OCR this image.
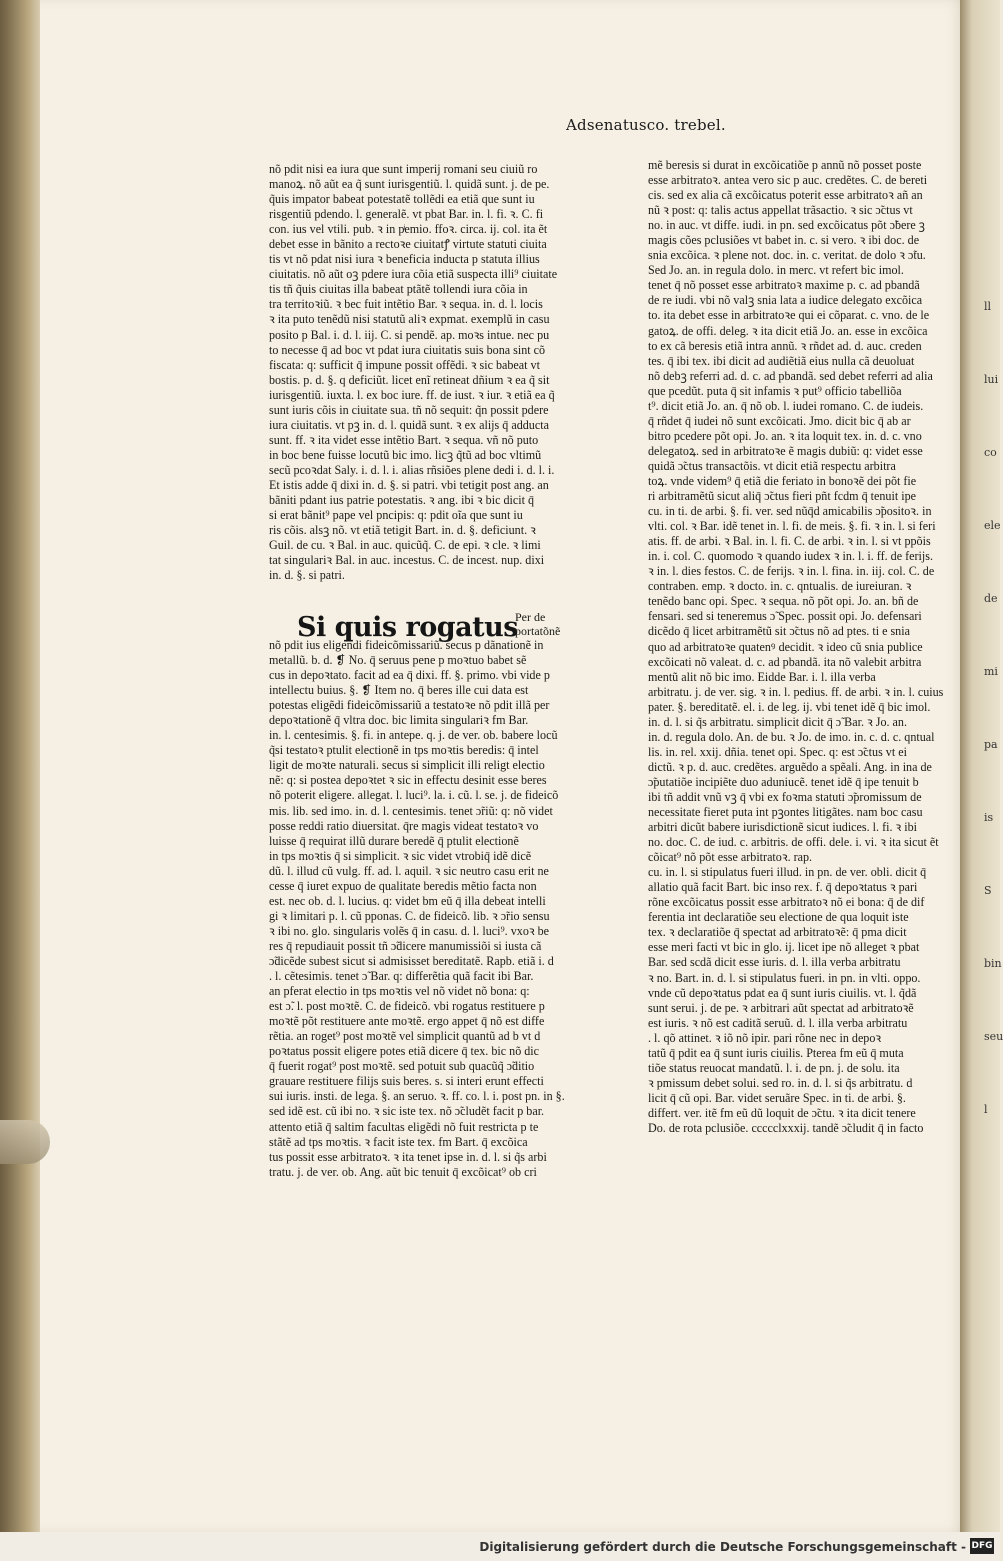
ll
lui
co
ele
de
mi
pa
is
S
bin
seu
l
Adsenatusco. trebel.
nõ pdit nisi ea iura que sunt imperij romani seu ciuiũ ro
manoꝝ. nõ aũt ea q̃ sunt iurisgentiũ. l. quidã sunt. j. de pe.
q̃uis impator babeat potestatẽ tollẽdi ea etiã que sunt iu
risgentiũ pdendo. l. generalẽ. vt pbat Bar. in. l. fi. ꝛ. C. fi
con. ius vel vtili. pub. ꝛ in pͥemio. ffoꝛ. circa. ij. col. ita ẽt
debet esse in bãnito a rectoꝛe ciuitatꝭ virtute statuti ciuita
tis vt nõ pdat nisi iura ꝛ beneficia inducta p statuta illius
ciuitatis. nõ aũt oꝫ pdere iura cõia etiã suspecta illi⁹ ciuitate
tis tñ q̃uis ciuitas illa babeat ptãtẽ tollendi iura cõia in
tra territoꝛiũ. ꝛ bec fuit intẽtio Bar. ꝛ sequa. in. d. l. locis
ꝛ ita puto tenẽdũ nisi statutũ aliꝛ expmat. exemplũ in casu
posito p Bal. i. d. l. iij. C. si pendẽ. ap. moꝛs intue. nec pu
to necesse q̄ ad boc vt pdat iura ciuitatis suis bona sint cõ
fiscata: q: sufficit q̄ impune possit offẽdi. ꝛ sic babeat vt
bostis. p. d. §. q deficiũt. licet enĩ retineat dñium ꝛ ea q̃ sit
iurisgentiũ. iuxta. l. ex boc iure. ff. de iust. ꝛ iur. ꝛ etiã ea q̃
sunt iuris cõis in ciuitate sua. tñ nõ sequit: q̃n possit pdere
iura ciuitatis. vt pꝫ in. d. l. quidã sunt. ꝛ ex alijs q̄ adducta
sunt. ff. ꝛ ita videt esse intẽtio Bart. ꝛ sequa. vñ nõ puto
in boc bene fuisse locutũ bic imo. licꝫ q̃tũ ad boc vltimũ
secũ pcoꝛdat Saly. i. d. l. i. alias rñsiões plene dedi i. d. l. i.
Et istis adde q̄ dixi in. d. §. si patri. vbi tetigit post ang. an
bãniti pdant ius patrie potestatis. ꝛ ang. ibi ꝛ bic dicit q̄
si erat bãnit⁹ pape vel pncipis: q: pdit oĩa que sunt iu
ris cõis. alsꝫ nõ. vt etiã tetigit Bart. in. d. §. deficiunt. ꝛ
Guil. de cu. ꝛ Bal. in auc. quicũq̃. C. de epi. ꝛ cle. ꝛ limi
tat singulariꝛ Bal. in auc. incestus. C. de incest. nup. dixi
in. d. §. si patri.
Si quis rogatus
Per de
portatõnẽ
nõ pdit ius eligendi fideicõmissariũ. secus p dãnationẽ in
metallũ. b. d. ❡ No. q̄ seruus pene p moꝛtuo babet sẽ
cus in depoꝛtato. facit ad ea q̄ dixi. ff. §. primo. vbi vide p
intellectu buius. §. ❡ Item no. q̄ beres ille cui data est
potestas eligẽdi fideicõmissariũ a testatoꝛe nõ pdit illã per
depoꝛtationẽ q̄ vltra doc. bic limita singulariꝛ fm Bar.
in. l. centesimis. §. fi. in antepe. q. j. de ver. ob. babere locũ
q̃si testatoꝛ ptulit electionẽ in tps moꝛtis beredis: q̄ intel
ligit de moꝛte naturali. secus si simplicit illi religt electio
nẽ: q: si postea depoꝛtet ꝛ sic in effectu desinit esse beres
nõ poterit eligere. allegat. l. luci⁹. la. i. cũ. l. se. j. de fideicõ
mis. lib. sed imo. in. d. l. centesimis. tenet ɔ̃riũ: q: nõ videt
posse reddi ratio diuersitat. q̄re magis videat testatoꝛ vo
luisse q̄ requirat illũ durare beredẽ q̄ ptulit electionẽ
in tps moꝛtis q̄ si simplicit. ꝛ sic videt vtrobiq̄ idẽ dicẽ
dũ. l. illud cũ vulg. ff. ad. l. aquil. ꝛ sic neutro casu erit ne
cesse q̄ iuret expuo de qualitate beredis mẽtio facta non
est. nec ob. d. l. lucius. q: videt bm eũ q̄ illa debeat intelli
gi ꝛ limitari p. l. cũ pponas. C. de fideicõ. lib. ꝛ ɔ̃rio sensu
ꝛ ibi no. glo. singularis volẽs q̄ in casu. d. l. luci⁹. vxoꝛ be
res q̄ repudiauit possit tñ ɔ̃dicere manumissiõi si iusta cã
ɔ̃dicẽde subest sicut si admisisset bereditatẽ. Rapb. etiã i. d
. l. cẽtesimis. tenet ɔ̃ Bar. q: differẽtia quã facit ibi Bar.
an pferat electio in tps moꝛtis vel nõ videt nõ bona: q:
est ɔ̃. l. post moꝛtẽ. C. de fideicõ. vbi rogatus restituere p
moꝛtẽ põt restituere ante moꝛtẽ. ergo appet q̄ nõ est diffe
rẽtia. an roget⁹ post moꝛtẽ vel simplicit quantũ ad b vt d
poꝛtatus possit eligere potes etiã dicere q̄ tex. bic nõ dic
q̄ fuerit rogat⁹ post moꝛtẽ. sed potuit sub quacũq̃ ɔ̃ditio
grauare restituere filijs suis beres. s. si interi erunt effecti
sui iuris. insti. de lega. §. an seruo. ꝛ. ff. co. l. i. post pn. in §.
sed idẽ est. cũ ibi no. ꝛ sic iste tex. nõ ɔ̃cludẽt facit p bar.
attento etiã q̄ saltim facultas eligẽdi nõ fuit restricta p te
stãtẽ ad tps moꝛtis. ꝛ facit iste tex. fm Bart. q̄ excõica
tus possit esse arbitratoꝛ. ꝛ ita tenet ipse in. d. l. si q̃s arbi
tratu. j. de ver. ob. Ang. aũt bic tenuit q̄ excõicat⁹ ob cri
mẽ beresis si durat in excõicatiõe p annũ nõ posset poste
esse arbitratoꝛ. antea vero sic p auc. credẽtes. C. de bereti
cis. sed ex alia cã excõicatus poterit esse arbitratoꝛ añ an
nũ ꝛ post: q: talis actus appellat trãsactio. ꝛ sic ɔ̃ctus vt
no. in auc. vt diffe. iudi. in pn. sed excõicatus põt ɔ̃bere ꝫ
magis cões pclusiões vt babet in. c. si vero. ꝛ ibi doc. de
snia excõica. ꝛ plene not. doc. in. c. veritat. de dolo ꝛ ɔ̃tu.
Sed Jo. an. in regula dolo. in merc. vt refert bic imol.
tenet q̄ nõ posset esse arbitratoꝛ maxime p. c. ad pbandã
de re iudi. vbi nõ valꝫ snia lata a iudice delegato excõica
to. ita debet esse in arbitratoꝛe qui ei cõparat. c. vno. de le
gatoꝝ. de offi. deleg. ꝛ ita dicit etiã Jo. an. esse in excõica
to ex cã beresis etiã intra annũ. ꝛ rñdet ad. d. auc. creden
tes. q̄ ibi tex. ibi dicit ad audiẽtiã eius nulla cã deuoluat
nõ debꝫ referri ad. d. c. ad pbandã. sed debet referri ad alia
que pcedũt. puta q̄ sit infamis ꝛ put⁹ officio tabelliõa
t⁹. dicit etiã Jo. an. q̄ nõ ob. l. iudei romano. C. de iudeis.
q̄ rñdet q̄ iudei nõ sunt excõicati. Jmo. dicit bic q̄ ab ar
bitro pcedere põt opi. Jo. an. ꝛ ita loquit tex. in. d. c. vno
delegatoꝝ. sed in arbitratoꝛe ẽ magis dubiũ: q: videt esse
quidã ɔ̃ctus transactõis. vt dicit etiã respectu arbitra
toꝝ. vnde videm⁹ q̄ etiã die feriato in bonoꝛẽ dei põt fie
ri arbitramẽtũ sicut aliq̄ ɔ̃ctus fieri pñt fcdm q̄ tenuit ipe
cu. in ti. de arbi. §. fi. ver. sed nũq̄d amicabilis ɔ̃positoꝛ. in
vlti. col. ꝛ Bar. idẽ tenet in. l. fi. de meis. §. fi. ꝛ in. l. si feri
atis. ff. de arbi. ꝛ Bal. in. l. fi. C. de arbi. ꝛ in. l. si vt ppõis
in. i. col. C. quomodo ꝛ quando iudex ꝛ in. l. i. ff. de ferijs.
ꝛ in. l. dies festos. C. de ferijs. ꝛ in. l. fina. in. iij. col. C. de
contraben. emp. ꝛ docto. in. c. qntualis. de iureiuran. ꝛ
tenẽdo banc opi. Spec. ꝛ sequa. nõ põt opi. Jo. an. bñ de
fensari. sed si teneremus ɔ̃ Spec. possit opi. Jo. defensari
dicẽdo q̄ licet arbitramẽtũ sit ɔ̃ctus nõ ad ptes. ti e snia
quo ad arbitratoꝛe quatenꝰ decidit. ꝛ ideo cũ snia publice
excõicati nõ valeat. d. c. ad pbandã. ita nõ valebit arbitra
mentũ alit nõ bic imo. Eidde Bar. i. l. illa verba
arbitratu. j. de ver. sig. ꝛ in. l. pedius. ff. de arbi. ꝛ in. l. cuius
pater. §. bereditatẽ. el. i. de leg. ij. vbi tenet idẽ q̄ bic imol.
in. d. l. si q̃s arbitratu. simplicit dicit q̄ ɔ̃ Bar. ꝛ Jo. an.
in. d. regula dolo. An. de bu. ꝛ Jo. de imo. in. c. d. c. qntual
lis. in. rel. xxij. dñia. tenet opi. Spec. q: est ɔ̃ctus vt ei
dictũ. ꝛ p. d. auc. credẽtes. arguẽdo a spẽali. Ang. in ina de
ɔ̃putatiõe incipiẽte duo aduniucẽ. tenet idẽ q̄ ipe tenuit b
ibi tñ addit vnũ vꝫ q̄ vbi ex foꝛma statuti ɔ̃promissum de
necessitate fieret puta int pꝫontes litigãtes. nam boc casu
arbitri dicũt babere iurisdictionẽ sicut iudices. l. fi. ꝛ ibi
no. doc. C. de iud. c. arbitris. de offi. dele. i. vi. ꝛ ita sicut ẽt
cõicat⁹ nõ põt esse arbitratoꝛ. rap.
cu. in. l. si stipulatus fueri illud. in pn. de ver. obli. dicit q̄
allatio quã facit Bart. bic inso rex. f. q̄ depoꝛtatus ꝛ pari
rõne excõicatus possit esse arbitratoꝛ nõ ei bona: q̄ de dif
ferentia int declaratiõe seu electione de qua loquit iste
tex. ꝛ declaratiõe q̄ spectat ad arbitratoꝛẽ: q̄ pma dicit
esse meri facti vt bic in glo. ij. licet ipe nõ alleget ꝛ pbat
Bar. sed scdã dicit esse iuris. d. l. illa verba arbitratu
ꝛ no. Bart. in. d. l. si stipulatus fueri. in pn. in vlti. oppo.
vnde cũ depoꝛtatus pdat ea q̄ sunt iuris ciuilis. vt. l. q̃dã
sunt serui. j. de pe. ꝛ arbitrari aũt spectat ad arbitratoꝛẽ
est iuris. ꝛ nõ est caditã seruũ. d. l. illa verba arbitratu
. l. qõ attinet. ꝛ iõ nõ ipir. pari rõne nec in depoꝛ
tatũ q̄ pdit ea q̄ sunt iuris ciuilis. Pterea fm eũ q̄ muta
tiõe status reuocat mandatũ. l. i. de pn. j. de solu. ita
ꝛ pmissum debet solui. sed ro. in. d. l. si q̃s arbitratu. d
licit q̄ cũ opi. Bar. videt seruãre Spec. in ti. de arbi. §.
differt. ver. itẽ fm eũ dũ loquit de ɔ̃ctu. ꝛ ita dicit tenere
Do. de rota pclusiõe. ccccclxxxij. tandẽ ɔ̃cludit q̄ in facto
Digitalisierung gefördert durch die Deutsche Forschungsgemeinschaft - DFG
